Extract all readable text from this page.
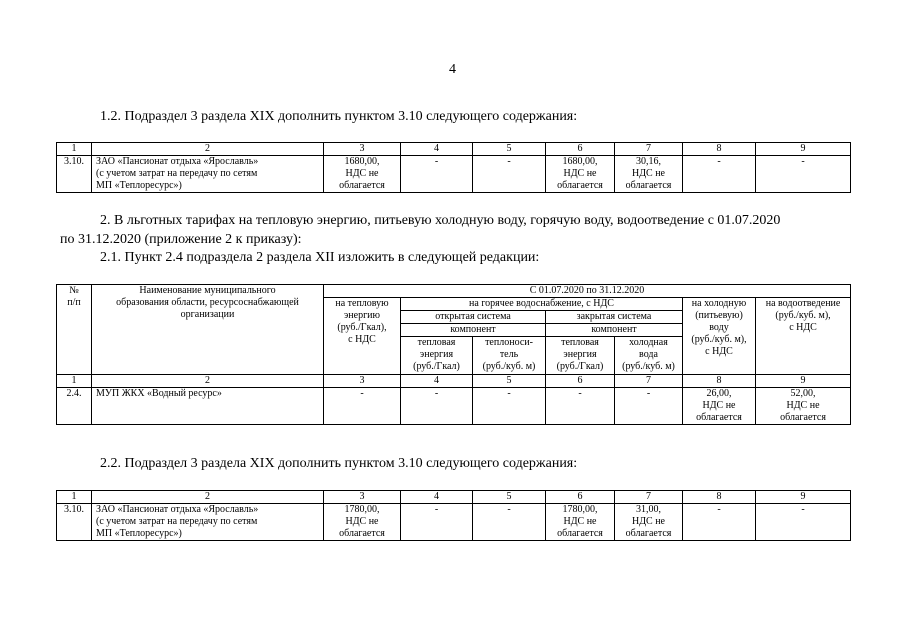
4
1.2. Подраздел 3 раздела XIX дополнить пунктом 3.10 следующего содержания:
1	2	3	4	5	6	7	8	9
3.10.	ЗАО «Пансионат отдыха «Ярославль»
(с учетом затрат на передачу по сетям
МП «Теплоресурс»)	1680,00,
НДС не
облагается	-	-	1680,00,
НДС не
облагается	30,16,
НДС не
облагается	-	-
2. В льготных тарифах на тепловую энергию, питьевую холодную воду, горячую воду, водоотведение с 01.07.2020
по 31.12.2020 (приложение 2 к приказу):
2.1. Пункт 2.4 подраздела 2 раздела XII изложить в следующей редакции:
№
п/п	Наименование муниципального
образования области, ресурсоснабжающей
организации	С 01.07.2020 по 31.12.2020						

		на тепловую
энергию
(руб./Гкал),
с НДС	на горячее водоснабжение, с НДС				на холодную
(питьевую)
воду
(руб./куб. м),
с НДС	на водоотведение
(руб./куб. м),
с НДС

			открытая система		закрытая система			
			компонент		компонент			

			тепловая
энергия
(руб./Гкал)	теплоноси-
тель
(руб./куб. м)	тепловая
энергия
(руб./Гкал)	холодная
вода
(руб./куб. м)		

1	2	3	4	5	6	7	8	9
2.4.	МУП ЖКХ «Водный ресурс»	-	-	-	-	-	26,00,
НДС не
облагается	52,00,
НДС не
облагается
2.2. Подраздел 3 раздела XIX дополнить пунктом 3.10 следующего содержания:
1	2	3	4	5	6	7	8	9
3.10.	ЗАО «Пансионат отдыха «Ярославль»
(с учетом затрат на передачу по сетям
МП «Теплоресурс»)	1780,00,
НДС не
облагается	-	-	1780,00,
НДС не
облагается	31,00,
НДС не
облагается	-	-
